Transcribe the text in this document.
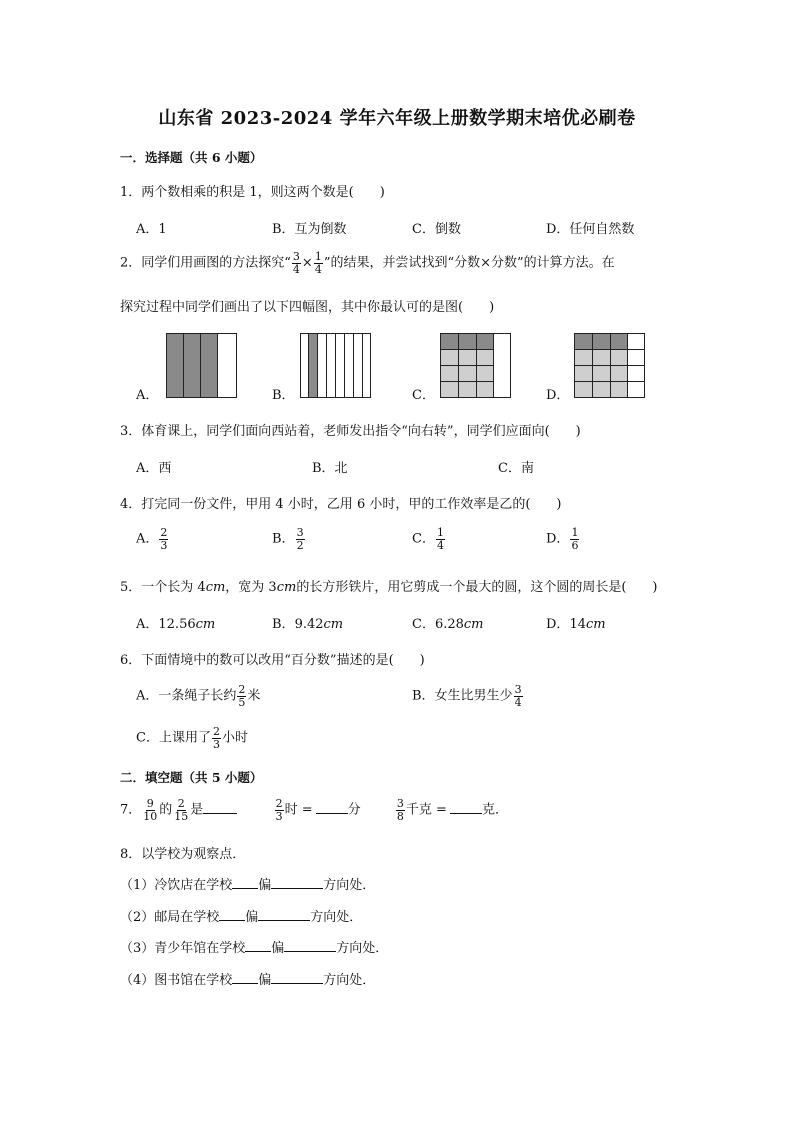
山东省 2023-2024 学年六年级上册数学期末培优必刷卷
一．选择题（共 6 小题）
1．两个数相乘的积是 1，则这两个数是(　　)
A．1	B．互为倒数	C．倒数	D．任何自然数
2．同学们用画图的方法探究“ $\frac{3}{4} \times \frac{1}{4}$ ”的结果，并尝试找到“分数×分数”的计算方法。在
探究过程中同学们画出了以下四幅图，其中你最认可的是图(　　)
A．	B．	C．	D．
3．体育课上，同学们面向西站着，老师发出指令“向右转”，同学们应面向(　　)
A．西	B．北	C．南
4．打完同一份文件，甲用 4 小时，乙用 6 小时，甲的工作效率是乙的(　　)
A． $\frac{2}{3}$	B． $\frac{3}{2}$	C． $\frac{1}{4}$	D． $\frac{1}{6}$
5．一个长为 4cm，宽为 3cm的长方形铁片，用它剪成一个最大的圆，这个圆的周长是(　　)
A．12.56cm	B．9.42cm	C．6.28cm	D．14cm
6．下面情境中的数可以改用“百分数”描述的是(　　)
A．一条绳子长约 $\frac{2}{5}$ 米	B．女生比男生少 $\frac{3}{4}$
C．上课用了 $\frac{2}{3}$ 小时
二．填空题（共 5 小题）
7． $\frac{9}{10}$ 的 $\frac{2}{15}$ 是	$\frac{2}{3}$ 时 =	分	$\frac{3}{8}$ 千克 =	克．
8．以学校为观察点．
（1）冷饮店在学校 偏	方向处．
（2）邮局在学校 偏	方向处．
（3）青少年馆在学校 偏	方向处．
（4）图书馆在学校 偏	方向处．
